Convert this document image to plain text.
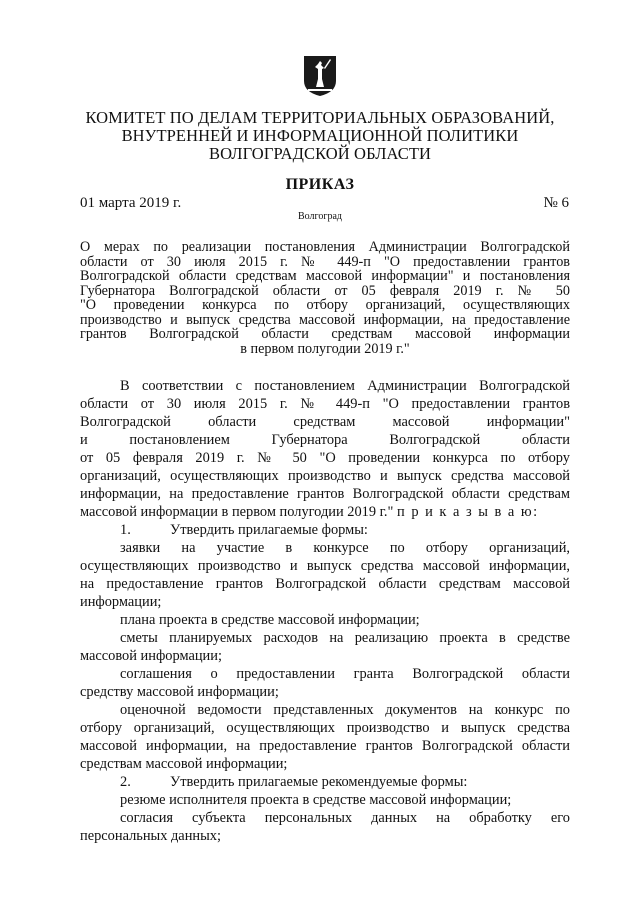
КОМИТЕТ ПО ДЕЛАМ ТЕРРИТОРИАЛЬНЫХ ОБРАЗОВАНИЙ,
ВНУТРЕННЕЙ И ИНФОРМАЦИОННОЙ ПОЛИТИКИ
ВОЛГОГРАДСКОЙ ОБЛАСТИ
ПРИКАЗ
01 марта 2019 г.	№ 6
Волгоград
О мерах по реализации постановления Администрации Волгоградской
области от 30 июля 2015 г. № 449-п "О предоставлении грантов
Волгоградской области средствам массовой информации" и постановления
Губернатора Волгоградской области от 05 февраля 2019 г. № 50
"О проведении конкурса по отбору организаций, осуществляющих
производство и выпуск средства массовой информации, на предоставление
грантов Волгоградской области средствам массовой информации
в первом полугодии 2019 г."
В соответствии с постановлением Администрации Волгоградской
области от 30 июля 2015 г. № 449-п "О предоставлении грантов
Волгоградской области средствам массовой информации"
и постановлением Губернатора Волгоградской области
от 05 февраля 2019 г. № 50 "О проведении конкурса по отбору
организаций, осуществляющих производство и выпуск средства массовой
информации, на предоставление грантов Волгоградской области средствам
массовой информации в первом полугодии 2019 г." п р и к а з ы в а ю:
1.	Утвердить прилагаемые формы:
заявки на участие в конкурсе по отбору организаций,
осуществляющих производство и выпуск средства массовой информации,
на предоставление грантов Волгоградской области средствам массовой
информации;
плана проекта в средстве массовой информации;
сметы планируемых расходов на реализацию проекта в средстве
массовой информации;
соглашения о предоставлении гранта Волгоградской области
средству массовой информации;
оценочной ведомости представленных документов на конкурс по
отбору организаций, осуществляющих производство и выпуск средства
массовой информации, на предоставление грантов Волгоградской области
средствам массовой информации;
2.	Утвердить прилагаемые рекомендуемые формы:
резюме исполнителя проекта в средстве массовой информации;
согласия субъекта персональных данных на обработку его
персональных данных;
